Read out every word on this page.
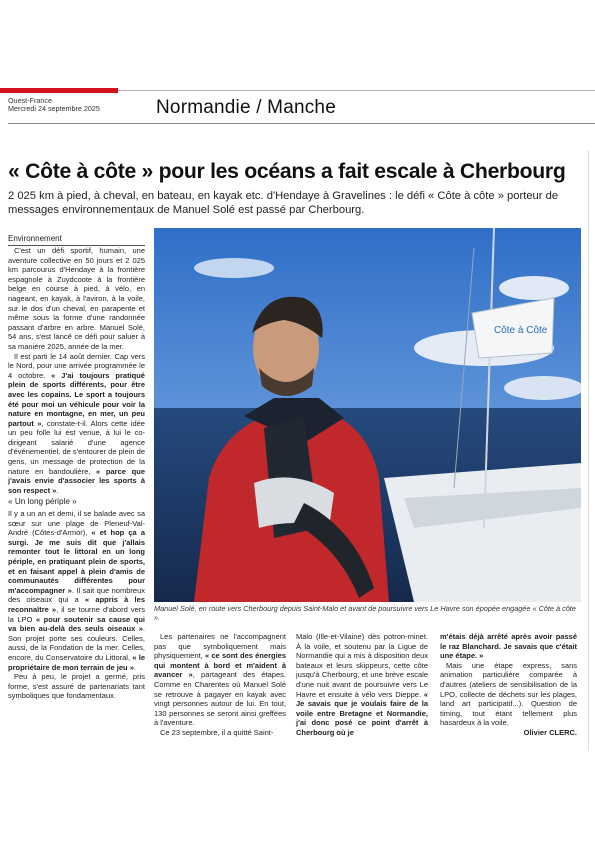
Ouest-France
Mercredi 24 septembre 2025	Normandie / Manche
« Côte à côte » pour les océans a fait escale à Cherbourg
2 025 km à pied, à cheval, en bateau, en kayak etc. d'Hendaye à Gravelines : le défi « Côte à côte » porteur de messages environnementaux de Manuel Solé est passé par Cherbourg.
Environnement

C'est un défi sportif, humain, une aventure collective en 50 jours et 2 025 km parcourus d'Hendaye à la frontière espagnole à Zuydcoote à la frontière belge en course à pied, à vélo, en nageant, en kayak, à l'aviron, à la voile, sur le dos d'un cheval, en parapente et même sous la forme d'une randonnée passant d'arbre en arbre. Manuel Solé, 54 ans, s'est lancé ce défi pour saluer à sa manière 2025, année de la mer.

Il est parti le 14 août dernier. Cap vers le Nord, pour une arrivée programmée le 4 octobre. « J'ai toujours pratiqué plein de sports différents, pour être avec les copains. Le sport a toujours été pour moi un véhicule pour voir la nature en montagne, en mer, un peu partout », constate-t-il. Alors cette idée un peu folle lui est venue, à lui le co-dirigeant salarié d'une agence d'événementiel, de s'entourer de plein de gens, un message de protection de la nature en bandoulière, « parce que j'avais envie d'associer les sports à son respect ».

« Un long périple »

Il y a un an et demi, il se balade avec sa sœur sur une plage de Pleneuf-Val-André (Côtes-d'Armor), « et hop ça a surgi. Je me suis dit que j'allais remonter tout le littoral en un long périple, en pratiquant plein de sports, et en faisant appel à plein d'amis de communautés différentes pour m'accompagner ». Il sait que nombreux des oiseaux qui a « appris à les reconnaître », il se tourne d'abord vers la LPO « pour soutenir sa cause qui va bien au-delà des seuls oiseaux ». Son projet porte ses couleurs. Celles, aussi, de la Fondation de la mer. Celles, encore, du Conservatoire du Littoral, « le propriétaire de mon terrain de jeu ».

Peu à peu, le projet a germé, pris forme, s'est assuré de partenariats tant symboliques que fondamentaux.

Côte à Côte
PHOTO : COLLECTION PERSONNELLE
Manuel Solé, en route vers Cherbourg depuis Saint-Malo et avant de poursuivre vers Le Havre son épopée engagée « Côte à côte ».

Les partenaires ne l'accompagnent pas que symboliquement mais physiquement, « ce sont des énergies qui montent à bord et m'aident à avancer », partageant des étapes. Comme en Charentes où Manuel Solé se retrouve à pagayer en kayak avec vingt personnes autour de lui. En tout, 130 personnes se seront ainsi greffées à l'aventure.

Ce 23 septembre, il a quitté Saint-

Malo (Ille-et-Vilaine) dès potron-minet. À la voile, et soutenu par la Ligue de Normandie qui a mis à disposition deux bateaux et leurs skippeurs, cette côte jusqu'à Cherbourg, et une brève escale d'une nuit avant de poursuivre vers Le Havre et ensuite à vélo vers Dieppe. « Je savais que je voulais faire de la voile entre Bretagne et Normandie, j'ai donc posé ce point d'arrêt à Cherbourg où je

m'étais déjà arrêté après avoir passé le raz Blanchard. Je savais que c'était une étape. »

Mais une étape express, sans animation particulière comparée à d'autres (ateliers de sensibilisation de la LPO, collecte de déchets sur les plages, land art participatif...). Question de timing, tout étant tellement plus hasardeux à la voile.

Olivier CLERC.
